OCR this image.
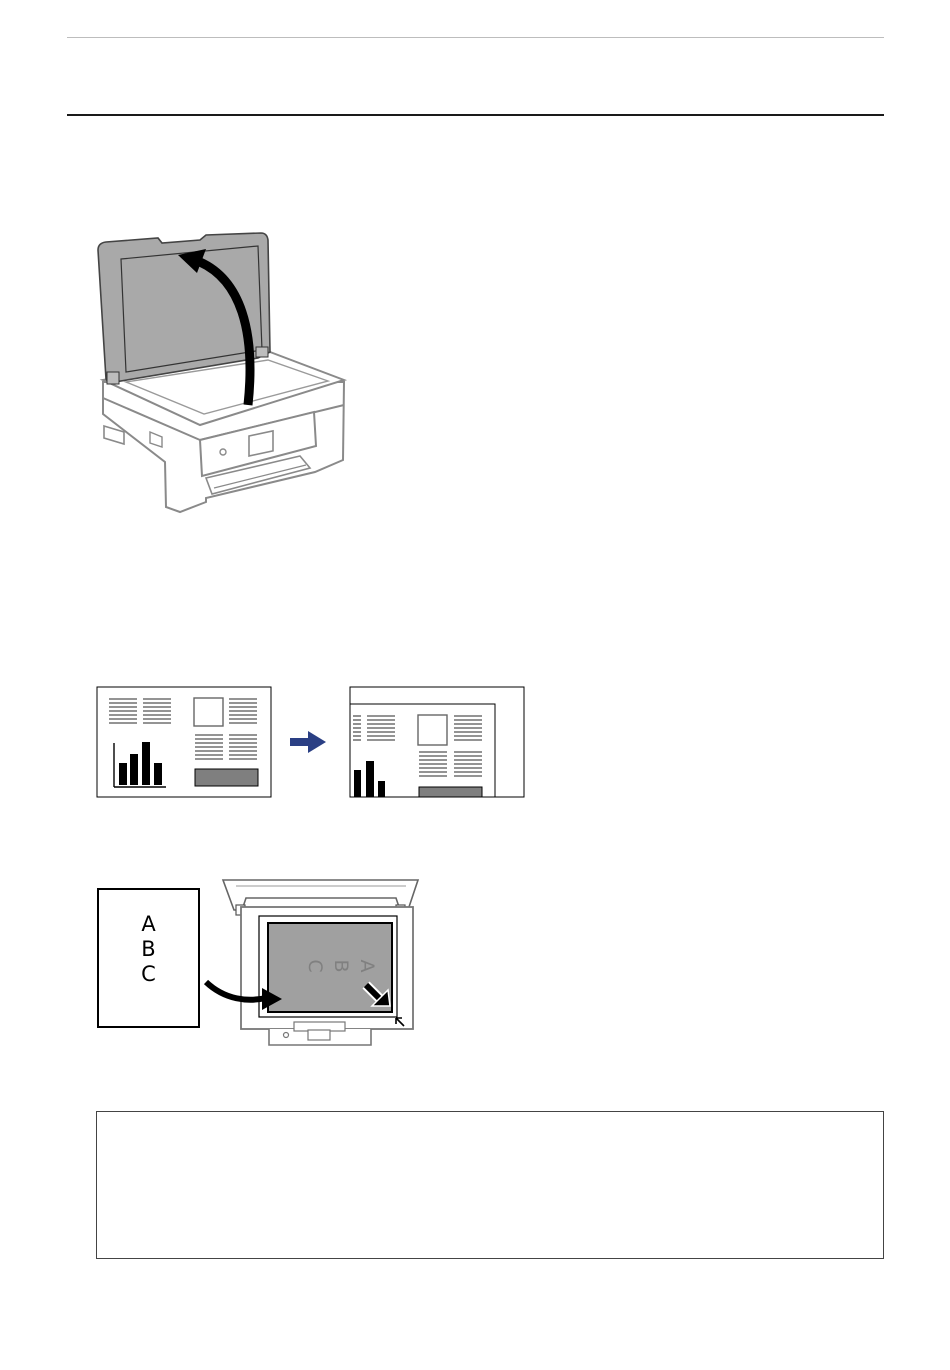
A
B
C	A
B
C
